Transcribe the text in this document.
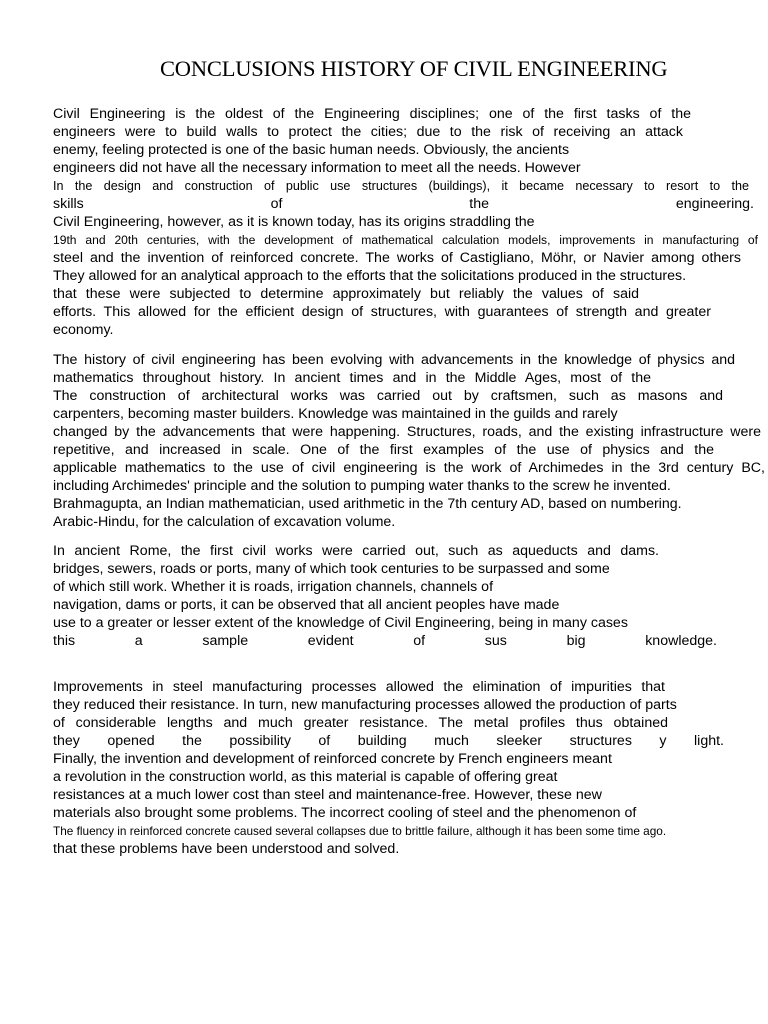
CONCLUSIONS HISTORY OF CIVIL ENGINEERING
Civil Engineering is the oldest of the Engineering disciplines; one of the first tasks of the
engineers were to build walls to protect the cities; due to the risk of receiving an attack
enemy, feeling protected is one of the basic human needs. Obviously, the ancients
engineers did not have all the necessary information to meet all the needs. However
In the design and construction of public use structures (buildings), it became necessary to resort to the
skills of the engineering.
Civil Engineering, however, as it is known today, has its origins straddling the
19th and 20th centuries, with the development of mathematical calculation models, improvements in manufacturing of
steel and the invention of reinforced concrete. The works of Castigliano, Möhr, or Navier among others
They allowed for an analytical approach to the efforts that the solicitations produced in the structures.
that these were subjected to determine approximately but reliably the values of said
efforts. This allowed for the efficient design of structures, with guarantees of strength and greater
economy.
The history of civil engineering has been evolving with advancements in the knowledge of physics and
mathematics throughout history. In ancient times and in the Middle Ages, most of the
The construction of architectural works was carried out by craftsmen, such as masons and
carpenters, becoming master builders. Knowledge was maintained in the guilds and rarely
changed by the advancements that were happening. Structures, roads, and the existing infrastructure were
repetitive, and increased in scale. One of the first examples of the use of physics and the
applicable mathematics to the use of civil engineering is the work of Archimedes in the 3rd century BC,
including Archimedes' principle and the solution to pumping water thanks to the screw he invented.
Brahmagupta, an Indian mathematician, used arithmetic in the 7th century AD, based on numbering.
Arabic-Hindu, for the calculation of excavation volume.
In ancient Rome, the first civil works were carried out, such as aqueducts and dams.
bridges, sewers, roads or ports, many of which took centuries to be surpassed and some
of which still work. Whether it is roads, irrigation channels, channels of
navigation, dams or ports, it can be observed that all ancient peoples have made
use to a greater or lesser extent of the knowledge of Civil Engineering, being in many cases
this a sample evident of sus big knowledge.
Improvements in steel manufacturing processes allowed the elimination of impurities that
they reduced their resistance. In turn, new manufacturing processes allowed the production of parts
of considerable lengths and much greater resistance. The metal profiles thus obtained
they opened the possibility of building much sleeker structures y light.
Finally, the invention and development of reinforced concrete by French engineers meant
a revolution in the construction world, as this material is capable of offering great
resistances at a much lower cost than steel and maintenance-free. However, these new
materials also brought some problems. The incorrect cooling of steel and the phenomenon of
The fluency in reinforced concrete caused several collapses due to brittle failure, although it has been some time ago.
that these problems have been understood and solved.
